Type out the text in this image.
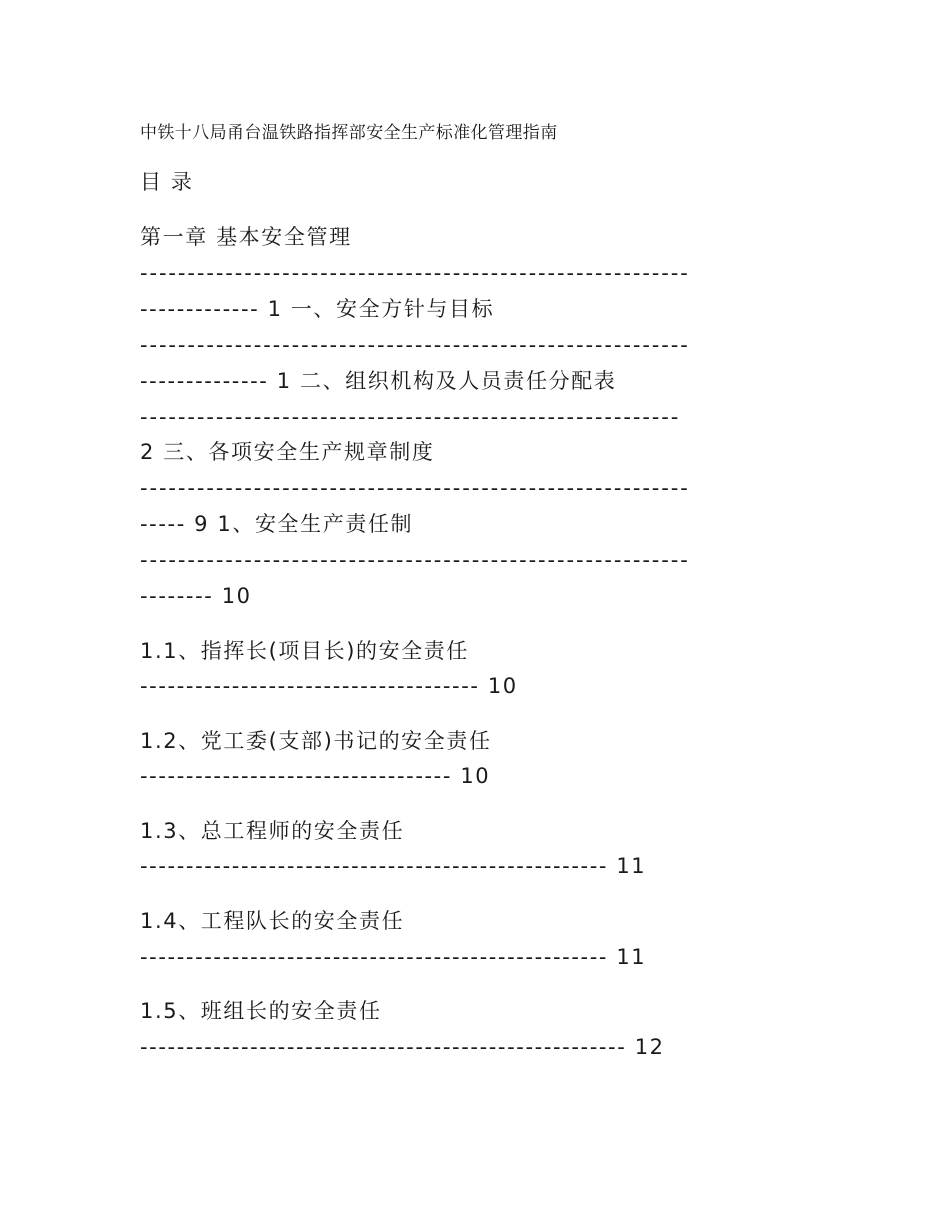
中铁十八局甬台温铁路指挥部安全生产标准化管理指南
目 录
第一章 基本安全管理
----------------------------------------------------------
------------- 1 一、安全方针与目标
----------------------------------------------------------
-------------- 1 二、组织机构及人员责任分配表
---------------------------------------------------------
2 三、各项安全生产规章制度
----------------------------------------------------------
----- 9 1、安全生产责任制
----------------------------------------------------------
-------- 10
1.1、指挥长(项目长)的安全责任
------------------------------------- 10
1.2、党工委(支部)书记的安全责任
---------------------------------- 10
1.3、总工程师的安全责任
--------------------------------------------------- 11
1.4、工程队长的安全责任
--------------------------------------------------- 11
1.5、班组长的安全责任
----------------------------------------------------- 12
